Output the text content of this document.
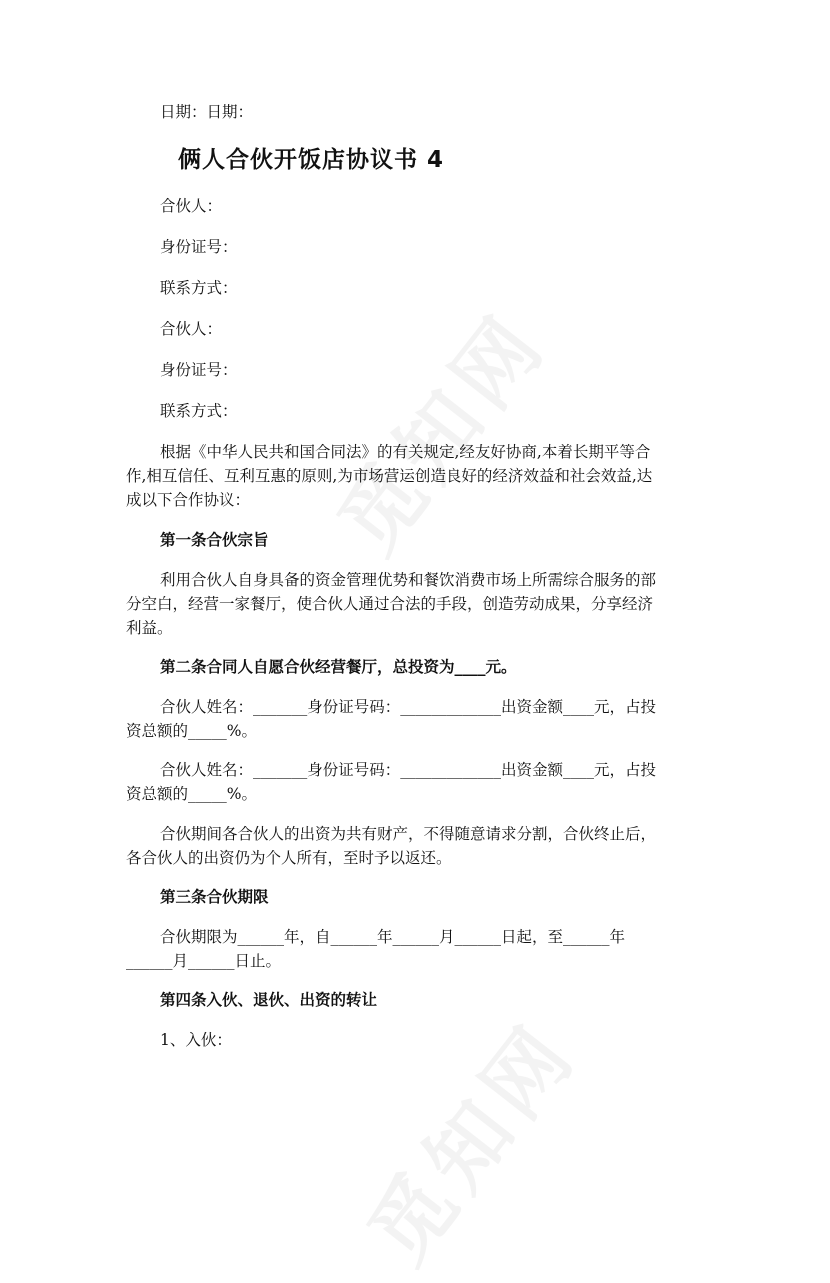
日期：日期：
俩人合伙开饭店协议书 4
合伙人：
身份证号：
联系方式：
合伙人：
身份证号：
联系方式：
根据《中华人民共和国合同法》的有关规定,经友好协商,本着长期平等合
作,相互信任、互利互惠的原则,为市场营运创造良好的经济效益和社会效益,达
成以下合作协议：
第一条合伙宗旨
利用合伙人自身具备的资金管理优势和餐饮消费市场上所需综合服务的部
分空白，经营一家餐厅，使合伙人通过合法的手段，创造劳动成果，分享经济
利益。
第二条合同人自愿合伙经营餐厅，总投资为____元。
合伙人姓名：_______身份证号码：_____________出资金额____元，占投
资总额的_____%。
合伙人姓名：_______身份证号码：_____________出资金额____元，占投
资总额的_____%。
合伙期间各合伙人的出资为共有财产，不得随意请求分割，合伙终止后，
各合伙人的出资仍为个人所有，至时予以返还。
第三条合伙期限
合伙期限为______年，自______年______月______日起，至______年
______月______日止。
第四条入伙、退伙、出资的转让
1、入伙：
